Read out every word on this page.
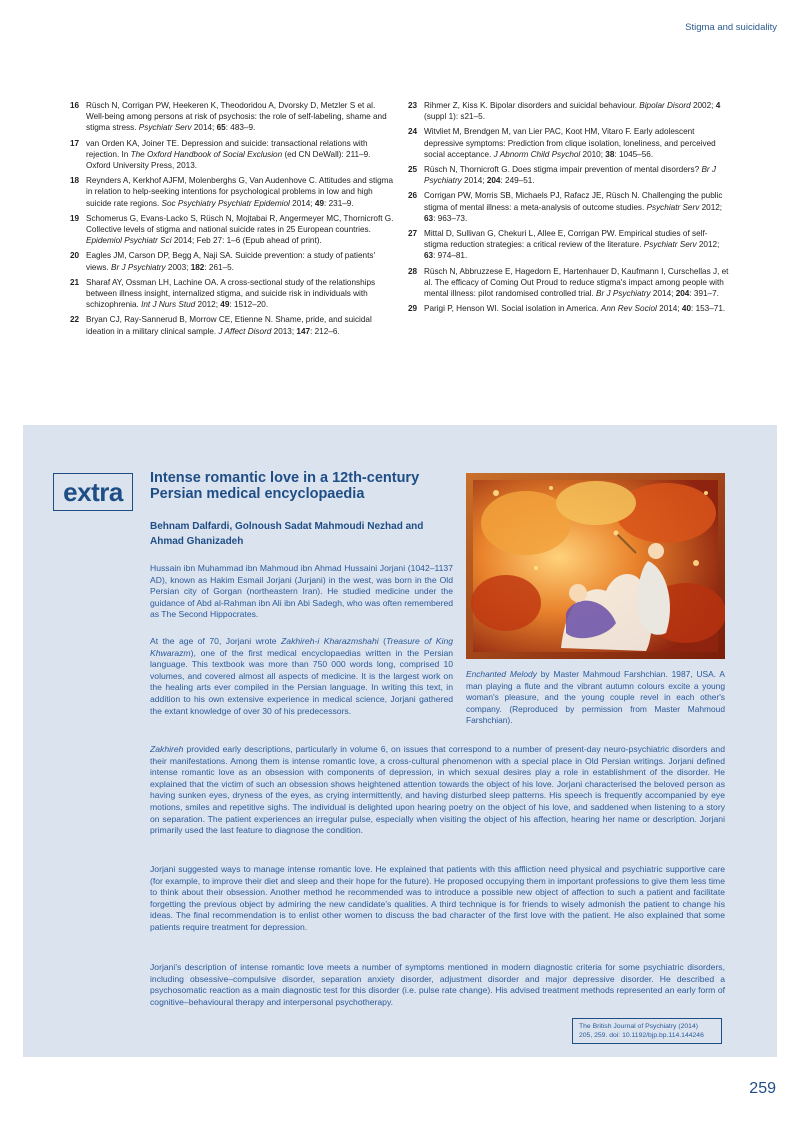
Stigma and suicidality
16 Rüsch N, Corrigan PW, Heekeren K, Theodoridou A, Dvorsky D, Metzler S et al. Well-being among persons at risk of psychosis: the role of self-labeling, shame and stigma stress. Psychiatr Serv 2014; 65: 483–9.
17 van Orden KA, Joiner TE. Depression and suicide: transactional relations with rejection. In The Oxford Handbook of Social Exclusion (ed CN DeWall): 211–9. Oxford University Press, 2013.
18 Reynders A, Kerkhof AJFM, Molenberghs G, Van Audenhove C. Attitudes and stigma in relation to help-seeking intentions for psychological problems in low and high suicide rate regions. Soc Psychiatry Psychiatr Epidemiol 2014; 49: 231–9.
19 Schomerus G, Evans-Lacko S, Rüsch N, Mojtabai R, Angermeyer MC, Thornicroft G. Collective levels of stigma and national suicide rates in 25 European countries. Epidemiol Psychiatr Sci 2014; Feb 27: 1–6 (Epub ahead of print).
20 Eagles JM, Carson DP, Begg A, Naji SA. Suicide prevention: a study of patients' views. Br J Psychiatry 2003; 182: 261–5.
21 Sharaf AY, Ossman LH, Lachine OA. A cross-sectional study of the relationships between illness insight, internalized stigma, and suicide risk in individuals with schizophrenia. Int J Nurs Stud 2012; 49: 1512–20.
22 Bryan CJ, Ray-Sannerud B, Morrow CE, Etienne N. Shame, pride, and suicidal ideation in a military clinical sample. J Affect Disord 2013; 147: 212–6.
23 Rihmer Z, Kiss K. Bipolar disorders and suicidal behaviour. Bipolar Disord 2002; 4 (suppl 1): s21–5.
24 Witvliet M, Brendgen M, van Lier PAC, Koot HM, Vitaro F. Early adolescent depressive symptoms: Prediction from clique isolation, loneliness, and perceived social acceptance. J Abnorm Child Psychol 2010; 38: 1045–56.
25 Rüsch N, Thornicroft G. Does stigma impair prevention of mental disorders? Br J Psychiatry 2014; 204: 249–51.
26 Corrigan PW, Morris SB, Michaels PJ, Rafacz JE, Rüsch N. Challenging the public stigma of mental illness: a meta-analysis of outcome studies. Psychiatr Serv 2012; 63: 963–73.
27 Mittal D, Sullivan G, Chekuri L, Allee E, Corrigan PW. Empirical studies of self-stigma reduction strategies: a critical review of the literature. Psychiatr Serv 2012; 63: 974–81.
28 Rüsch N, Abbruzzese E, Hagedorn E, Hartenhauer D, Kaufmann I, Curschellas J, et al. The efficacy of Coming Out Proud to reduce stigma's impact among people with mental illness: pilot randomised controlled trial. Br J Psychiatry 2014; 204: 391–7.
29 Parigi P, Henson WI. Social isolation in America. Ann Rev Sociol 2014; 40: 153–71.
extra	Intense romantic love in a 12th-century Persian medical encyclopaedia
Behnam Dalfardi, Golnoush Sadat Mahmoudi Nezhad and Ahmad Ghanizadeh

Hussain ibn Muhammad ibn Mahmoud ibn Ahmad Hussaini Jorjani (1042–1137 AD), known as Hakim Esmail Jorjani (Jurjani) in the west, was born in the Old Persian city of Gorgan (northeastern Iran). He studied medicine under the guidance of Abd al-Rahman ibn Ali ibn Abi Sadegh, who was often remembered as The Second Hippocrates.

At the age of 70, Jorjani wrote Zakhireh-i Kharazmshahi (Treasure of King Khwarazm), one of the first medical encyclopaedias written in the Persian language. This textbook was more than 750 000 words long, comprised 10 volumes, and covered almost all aspects of medicine. It is the largest work on the healing arts ever compiled in the Persian language. In writing this text, in addition to his own extensive experience in medical science, Jorjani gathered the extant knowledge of over 30 of his predecessors.

Zakhireh provided early descriptions, particularly in volume 6, on issues that correspond to a number of present-day neuro-psychiatric disorders and their manifestations. Among them is intense romantic love, a cross-cultural phenomenon with a special place in Old Persian writings. Jorjani defined intense romantic love as an obsession with components of depression, in which sexual desires play a role in establishment of the disorder. He explained that the victim of such an obsession shows heightened attention towards the object of his love. Jorjani characterised the beloved person as having sunken eyes, dryness of the eyes, as crying intermittently, and having disturbed sleep patterns. His speech is frequently accompanied by eye motions, smiles and repetitive sighs. The individual is delighted upon hearing poetry on the object of his love, and saddened when listening to a story on separation. The patient experiences an irregular pulse, especially when visiting the object of his affection, hearing her name or description. Jorjani primarily used the last feature to diagnose the condition.

Jorjani suggested ways to manage intense romantic love. He explained that patients with this affliction need physical and psychiatric supportive care (for example, to improve their diet and sleep and their hope for the future). He proposed occupying them in important professions to give them less time to think about their obsession. Another method he recommended was to introduce a possible new object of affection to such a patient and facilitate forgetting the previous object by admiring the new candidate's qualities. A third technique is for friends to wisely admonish the patient to change his ideas. The final recommendation is to enlist other women to discuss the bad character of the first love with the patient. He also explained that some patients require treatment for depression.

Jorjani's description of intense romantic love meets a number of symptoms mentioned in modern diagnostic criteria for some psychiatric disorders, including obsessive–compulsive disorder, separation anxiety disorder, adjustment disorder and major depressive disorder. He described a psychosomatic reaction as a main diagnostic test for this disorder (i.e. pulse rate change). His advised treatment methods represented an early form of cognitive–behavioural therapy and interpersonal psychotherapy.

Enchanted Melody by Master Mahmoud Farshchian. 1987, USA. A man playing a flute and the vibrant autumn colours excite a young woman's pleasure, and the young couple revel in each other's company. (Reproduced by permission from Master Mahmoud Farshchian).
The British Journal of Psychiatry (2014)
205, 259. doi: 10.1192/bjp.bp.114.144246
259
